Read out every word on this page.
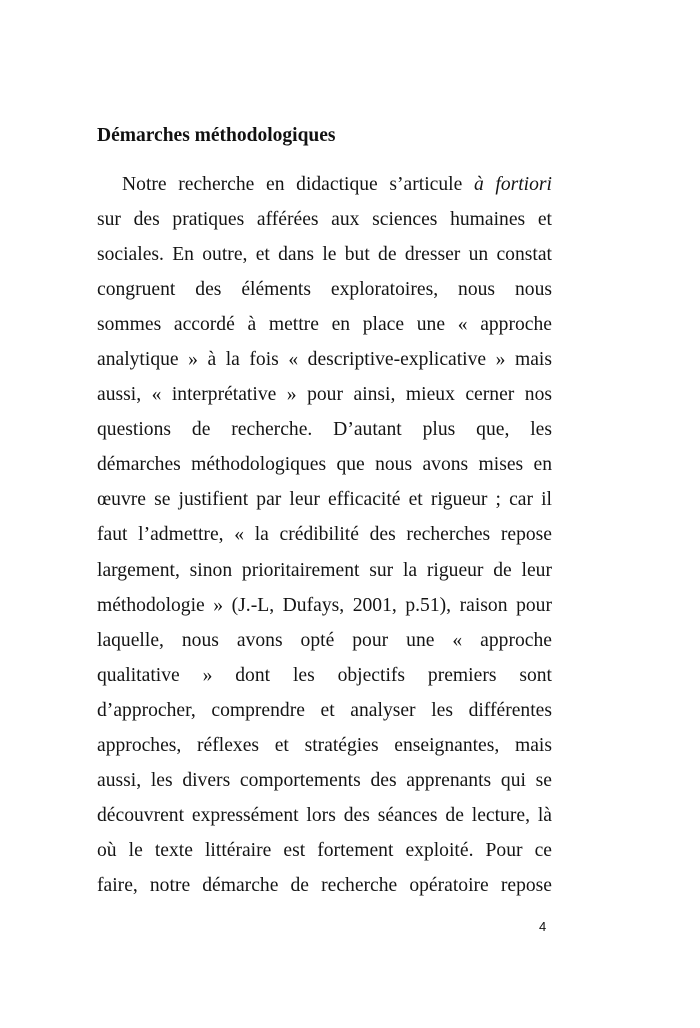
Démarches méthodologiques
Notre recherche en didactique s’articule à fortiori
sur des pratiques afférées aux sciences humaines et
sociales. En outre, et dans le but de dresser un constat
congruent des éléments exploratoires, nous nous
sommes accordé à mettre en place une « approche
analytique » à la fois « descriptive-explicative » mais
aussi, « interprétative » pour ainsi, mieux cerner nos
questions de recherche. D’autant plus que, les
démarches méthodologiques que nous avons mises en
œuvre se justifient par leur efficacité et rigueur ; car il
faut l’admettre, « la crédibilité des recherches repose
largement, sinon prioritairement sur la rigueur de leur
méthodologie » (J.-L, Dufays, 2001, p.51), raison pour
laquelle, nous avons opté pour une « approche
qualitative » dont les objectifs premiers sont
d’approcher, comprendre et analyser les différentes
approches, réflexes et stratégies enseignantes, mais
aussi, les divers comportements des apprenants qui se
découvrent expressément lors des séances de lecture, là
où le texte littéraire est fortement exploité. Pour ce
faire, notre démarche de recherche opératoire repose
4
